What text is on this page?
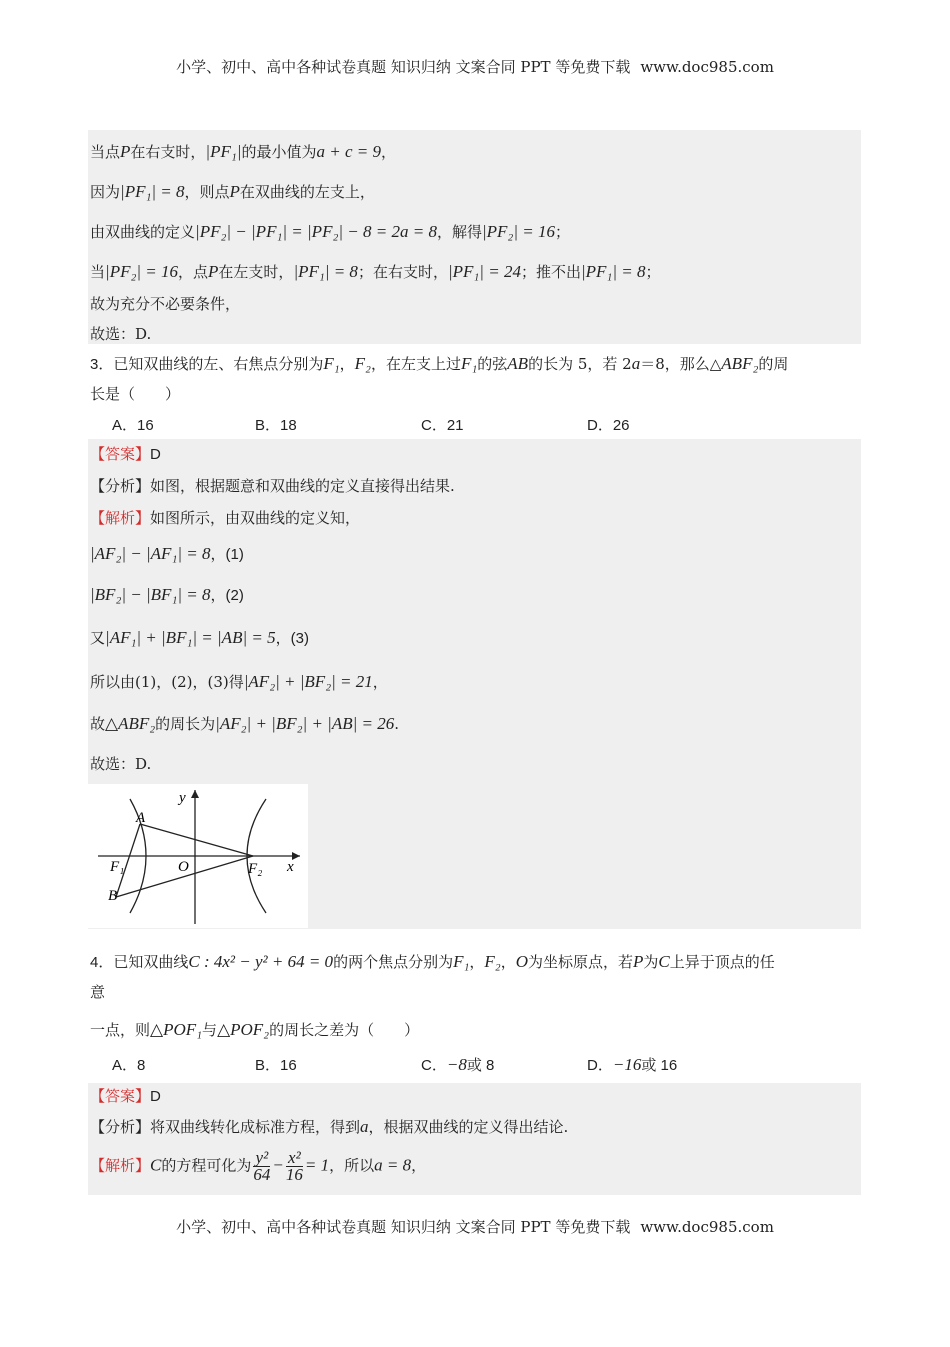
小学、初中、高中各种试卷真题 知识归纳 文案合同 PPT 等免费下载 www.doc985.com
当点P在右支时，|PF₁|的最小值为a + c = 9，
因为|PF₁| = 8，则点P在双曲线的左支上，
由双曲线的定义|PF₂| − |PF₁| = |PF₂| − 8 = 2a = 8，解得|PF₂| = 16；
当|PF₂| = 16，点P在左支时，|PF₁| = 8；在右支时，|PF₁| = 24；推不出|PF₁| = 8；
故为充分不必要条件，
故选：D.
3．已知双曲线的左、右焦点分别为F₁，F₂，在左支上过F₁的弦AB的长为 5，若 2a＝8，那么△ABF₂的周
长是（　　）
A．16	B．18	C．21	D．26
【答案】D
【分析】如图，根据题意和双曲线的定义直接得出结果.
【解析】如图所示，由双曲线的定义知，
|AF₂| − |AF₁| = 8，(1)
|BF₂| − |BF₁| = 8，(2)
又|AF₁| + |BF₁| = |AB| = 5，(3)
所以由(1)，(2)，(3)得|AF₂| + |BF₂| = 21，
故△ABF₂的周长为|AF₂| + |BF₂| + |AB| = 26.
故选：D.
y
A
F₁	O	F₂ x
B
4．已知双曲线C : 4x² − y² + 64 = 0的两个焦点分别为F₁，F₂，O为坐标原点，若P为C上异于顶点的任
意
一点，则△POF₁与△POF₂的周长之差为（　　）
A．8	B．16	C．−8或 8	D．−16或 16
【答案】D
【分析】将双曲线转化成标准方程，得到a，根据双曲线的定义得出结论.
【解析】C的方程可化为 $\frac{\text{y²}}{64} - \frac{\text{x²}}{16} = 1$，所以a = 8，
小学、初中、高中各种试卷真题 知识归纳 文案合同 PPT 等免费下载 www.doc985.com
